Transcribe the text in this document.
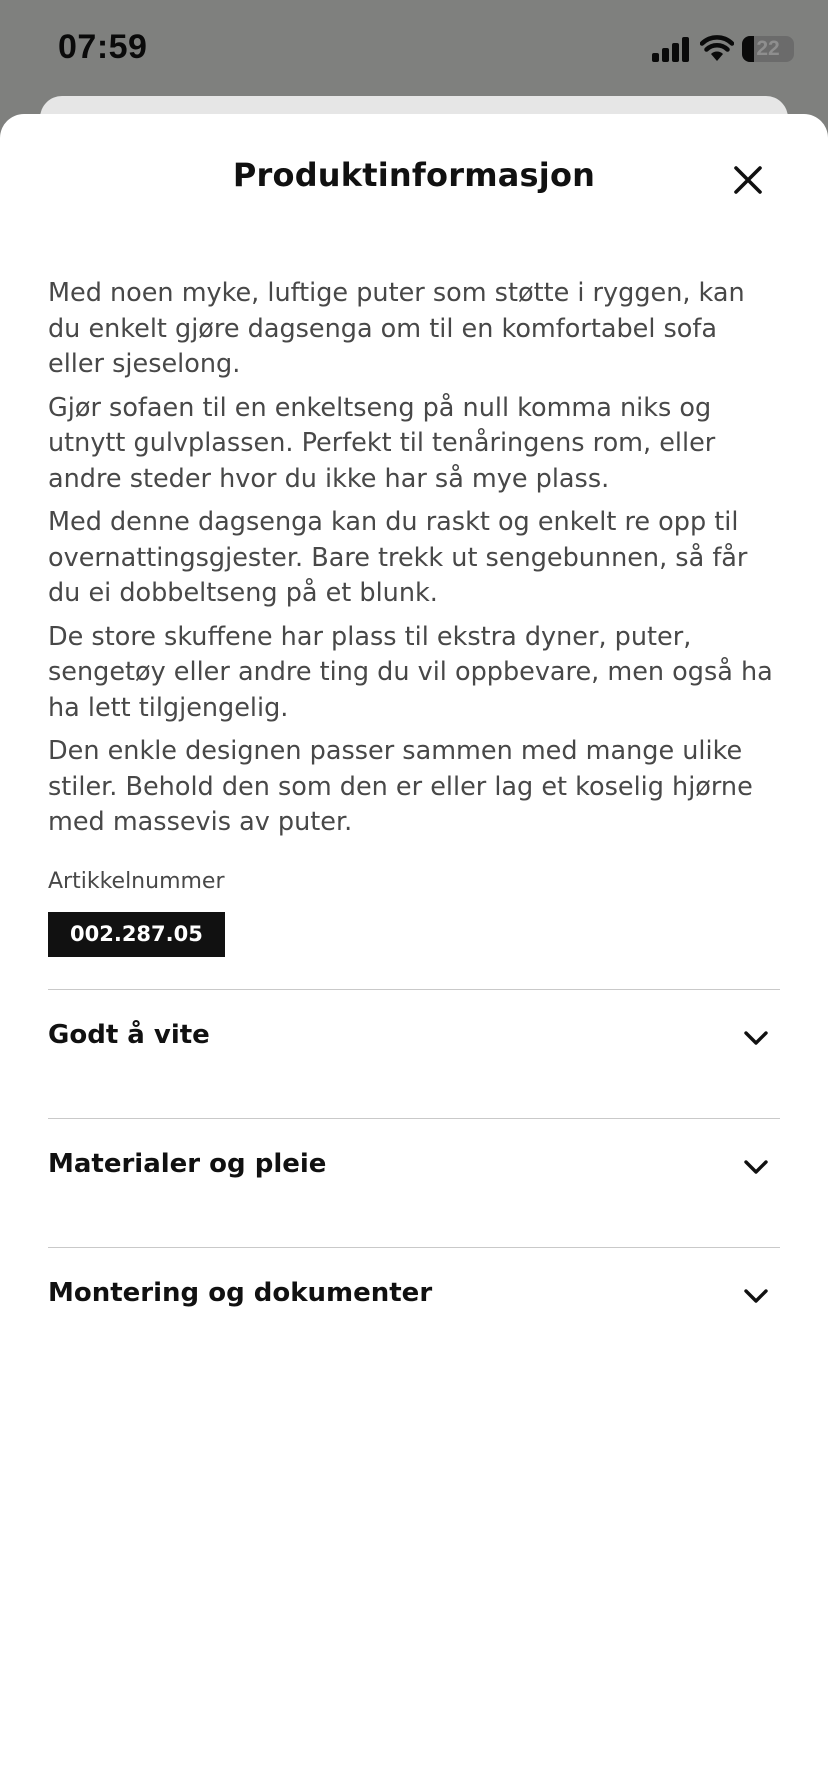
07:59	22
Produktinformasjon

Med noen myke, luftige puter som støtte i ryggen, kan du enkelt gjøre dagsenga om til en komfortabel sofa eller sjeselong.

Gjør sofaen til en enkeltseng på null komma niks og utnytt gulvplassen. Perfekt til tenåringens rom, eller andre steder hvor du ikke har så mye plass.

Med denne dagsenga kan du raskt og enkelt re opp til overnattingsgjester. Bare trekk ut sengebunnen, så får du ei dobbeltseng på et blunk.

De store skuffene har plass til ekstra dyner, puter, sengetøy eller andre ting du vil oppbevare, men også ha ha lett tilgjengelig.

Den enkle designen passer sammen med mange ulike stiler. Behold den som den er eller lag et koselig hjørne med massevis av puter.

Artikkelnummer
002.287.05
Godt å vite
Materialer og pleie
Montering og dokumenter
